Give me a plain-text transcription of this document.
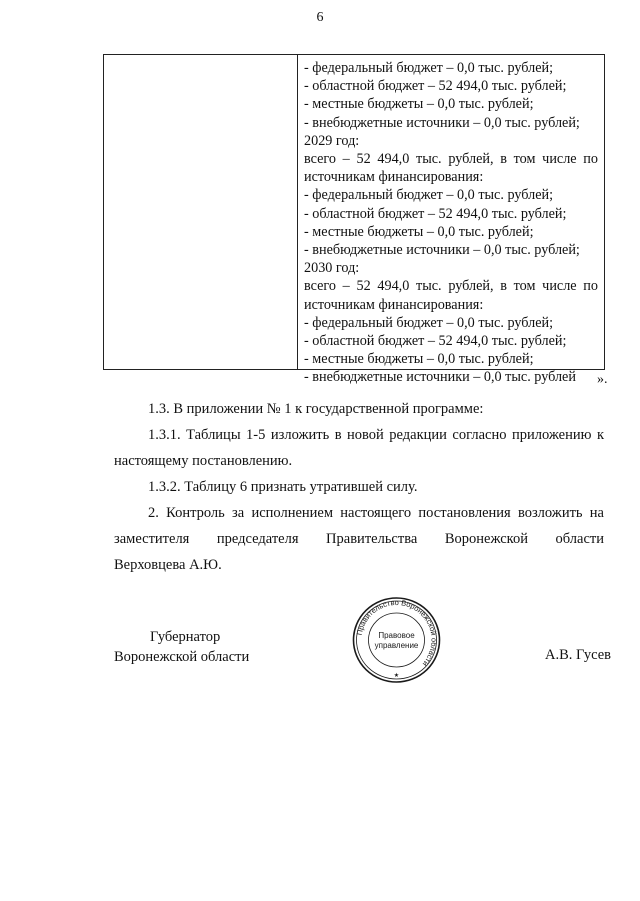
6
- федеральный бюджет – 0,0 тыс. рублей;
- областной бюджет – 52 494,0 тыс. рублей;
- местные бюджеты – 0,0 тыс. рублей;
- внебюджетные источники – 0,0 тыс. рублей;
2029 год:
всего – 52 494,0 тыс. рублей, в том числе по
источникам финансирования:
- федеральный бюджет – 0,0 тыс. рублей;
- областной бюджет – 52 494,0 тыс. рублей;
- местные бюджеты – 0,0 тыс. рублей;
- внебюджетные источники – 0,0 тыс. рублей;
2030 год:
всего – 52 494,0 тыс. рублей, в том числе по
источникам финансирования:
- федеральный бюджет – 0,0 тыс. рублей;
- областной бюджет – 52 494,0 тыс. рублей;
- местные бюджеты – 0,0 тыс. рублей;
- внебюджетные источники – 0,0 тыс. рублей	».
1.3. В приложении № 1 к государственной программе:
1.3.1. Таблицы 1-5 изложить в новой редакции согласно приложению к
настоящему постановлению.
1.3.2. Таблицу 6 признать утратившей силу.
2. Контроль за исполнением настоящего постановления возложить на
заместителя председателя Правительства Воронежской области
Верховцева А.Ю.
Губернатор
Воронежской области	А.В. Гусев
Правительство Воронежской области
Правовое
управление
★
